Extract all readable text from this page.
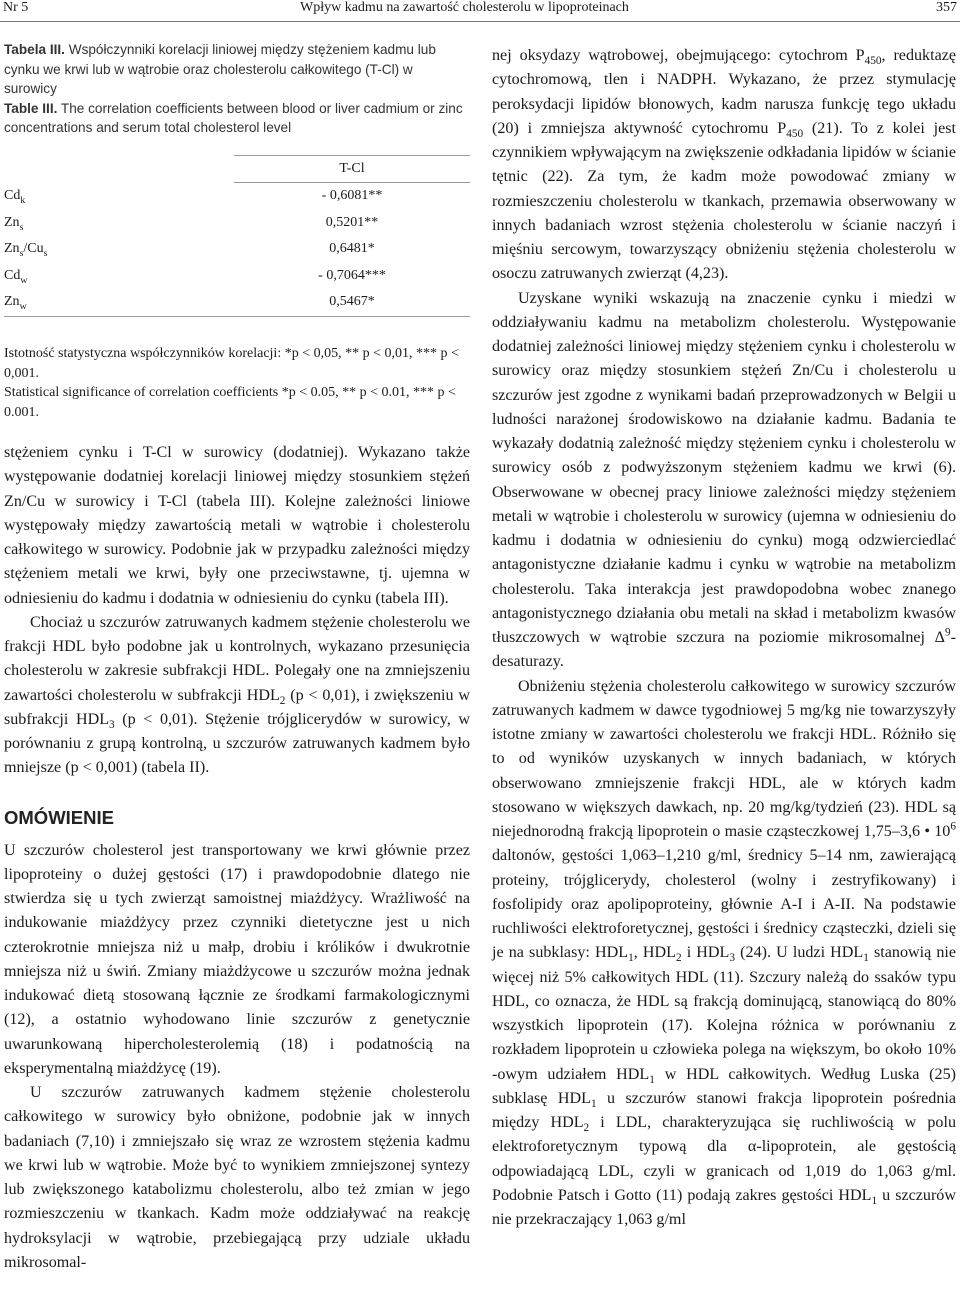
Nr 5	Wpływ kadmu na zawartość cholesterolu w lipoproteinach	357
Tabela III. Współczynniki korelacji liniowej między stężeniem kadmu lub cynku we krwi lub w wątrobie oraz cholesterolu całkowitego (T-Cl) w surowicy
Table III. The correlation coefficients between blood or liver cadmium or zinc concentrations and serum total cholesterol level
	T-Cl
$Cd_k$	- 0,6081**
$Zn_s$	0,5201**
$Zn_s/Cu_s$	0,6481*
$Cd_w$	- 0,7064***
$Zn_w$	0,5467*

Istotność statystyczna współczynników korelacji: *p < 0,05, ** p < 0,01, *** p < 0,001.
Statistical significance of correlation coefficients *p < 0.05, ** p < 0.01, *** p < 0.001.

stężeniem cynku i T-Cl w surowicy (dodatniej). Wykazano także występowanie dodatniej korelacji liniowej między stosunkiem stężeń Zn/Cu w surowicy i T-Cl (tabela III). Kolejne zależności liniowe występowały między zawartością metali w wątrobie i cholesterolu całkowitego w surowicy. Podobnie jak w przypadku zależności między stężeniem metali we krwi, były one przeciwstawne, tj. ujemna w odniesieniu do kadmu i dodatnia w odniesieniu do cynku (tabela III).

Chociaż u szczurów zatruwanych kadmem stężenie cholesterolu we frakcji HDL było podobne jak u kontrolnych, wykazano przesunięcia cholesterolu w zakresie subfrakcji HDL. Polegały one na zmniejszeniu zawartości cholesterolu w subfrakcji $HDL_2$ (p < 0,01), i zwiększeniu w subfrakcji $HDL_3$ (p < 0,01). Stężenie trójglicerydów w surowicy, w porównaniu z grupą kontrolną, u szczurów zatruwanych kadmem było mniejsze (p < 0,001) (tabela II).

OMÓWIENIE

U szczurów cholesterol jest transportowany we krwi głównie przez lipoproteiny o dużej gęstości (17) i prawdopodobnie dlatego nie stwierdza się u tych zwierząt samoistnej miażdżycy. Wrażliwość na indukowanie miażdżycy przez czynniki dietetyczne jest u nich czterokrotnie mniejsza niż u małp, drobiu i królików i dwukrotnie mniejsza niż u świń. Zmiany miażdżycowe u szczurów można jednak indukować dietą stosowaną łącznie ze środkami farmakologicznymi (12), a ostatnio wyhodowano linie szczurów z genetycznie uwarunkowaną hipercholesterolemią (18) i podatnością na eksperymentalną miażdżycę (19).

U szczurów zatruwanych kadmem stężenie cholesterolu całkowitego w surowicy było obniżone, podobnie jak w innych badaniach (7,10) i zmniejszało się wraz ze wzrostem stężenia kadmu we krwi lub w wątrobie. Może być to wynikiem zmniejszonej syntezy lub zwiększonego katabolizmu cholesterolu, albo też zmian w jego rozmieszczeniu w tkankach. Kadm może oddziaływać na reakcję hydroksylacji w wątrobie, przebiegającą przy udziale układu mikrosomal-

nej oksydazy wątrobowej, obejmującego: cytochrom $P_{450}$, reduktazę cytochromową, tlen i NADPH. Wykazano, że przez stymulację peroksydacji lipidów błonowych, kadm narusza funkcję tego układu (20) i zmniejsza aktywność cytochromu $P_{450}$ (21). To z kolei jest czynnikiem wpływającym na zwiększenie odkładania lipidów w ścianie tętnic (22). Za tym, że kadm może powodować zmiany w rozmieszczeniu cholesterolu w tkankach, przemawia obserwowany w innych badaniach wzrost stężenia cholesterolu w ścianie naczyń i mięśniu sercowym, towarzyszący obniżeniu stężenia cholesterolu w osoczu zatruwanych zwierząt (4,23).

Uzyskane wyniki wskazują na znaczenie cynku i miedzi w oddziaływaniu kadmu na metabolizm cholesterolu. Występowanie dodatniej zależności liniowej między stężeniem cynku i cholesterolu w surowicy oraz między stosunkiem stężeń Zn/Cu i cholesterolu u szczurów jest zgodne z wynikami badań przeprowadzonych w Belgii u ludności narażonej środowiskowo na działanie kadmu. Badania te wykazały dodatnią zależność między stężeniem cynku i cholesterolu w surowicy osób z podwyższonym stężeniem kadmu we krwi (6). Obserwowane w obecnej pracy liniowe zależności między stężeniem metali w wątrobie i cholesterolu w surowicy (ujemna w odniesieniu do kadmu i dodatnia w odniesieniu do cynku) mogą odzwierciedlać antagonistyczne działanie kadmu i cynku w wątrobie na metabolizm cholesterolu. Taka interakcja jest prawdopodobna wobec znanego antagonistycznego działania obu metali na skład i metabolizm kwasów tłuszczowych w wątrobie szczura na poziomie mikrosomalnej $\Delta^9$-desaturazy.

Obniżeniu stężenia cholesterolu całkowitego w surowicy szczurów zatruwanych kadmem w dawce tygodniowej 5 mg/kg nie towarzyszyły istotne zmiany w zawartości cholesterolu we frakcji HDL. Różniło się to od wyników uzyskanych w innych badaniach, w których obserwowano zmniejszenie frakcji HDL, ale w których kadm stosowano w większych dawkach, np. 20 mg/kg/tydzień (23). HDL są niejednorodną frakcją lipoprotein o masie cząsteczkowej 1,75–3,6 • $10^6$ daltonów, gęstości 1,063–1,210 g/ml, średnicy 5–14 nm, zawierającą proteiny, trójglicerydy, cholesterol (wolny i zestryfikowany) i fosfolipidy oraz apolipoproteiny, głównie A-I i A-II. Na podstawie ruchliwości elektroforetycznej, gęstości i średnicy cząsteczki, dzieli się je na subklasy: $HDL_1$, $HDL_2$ i $HDL_3$ (24). U ludzi $HDL_1$ stanowią nie więcej niż 5% całkowitych HDL (11). Szczury należą do ssaków typu HDL, co oznacza, że HDL są frakcją dominującą, stanowiącą do 80% wszystkich lipoprotein (17). Kolejna różnica w porównaniu z rozkładem lipoprotein u człowieka polega na większym, bo około 10% -owym udziałem $HDL_1$ w HDL całkowitych. Według Luska (25) subklasę $HDL_1$ u szczurów stanowi frakcja lipoprotein pośrednia między $HDL_2$ i LDL, charakteryzująca się ruchliwością w polu elektroforetycznym typową dla α-lipoprotein, ale gęstością odpowiadającą LDL, czyli w granicach od 1,019 do 1,063 g/ml. Podobnie Patsch i Gotto (11) podają zakres gęstości $HDL_1$ u szczurów nie przekraczający 1,063 g/ml
